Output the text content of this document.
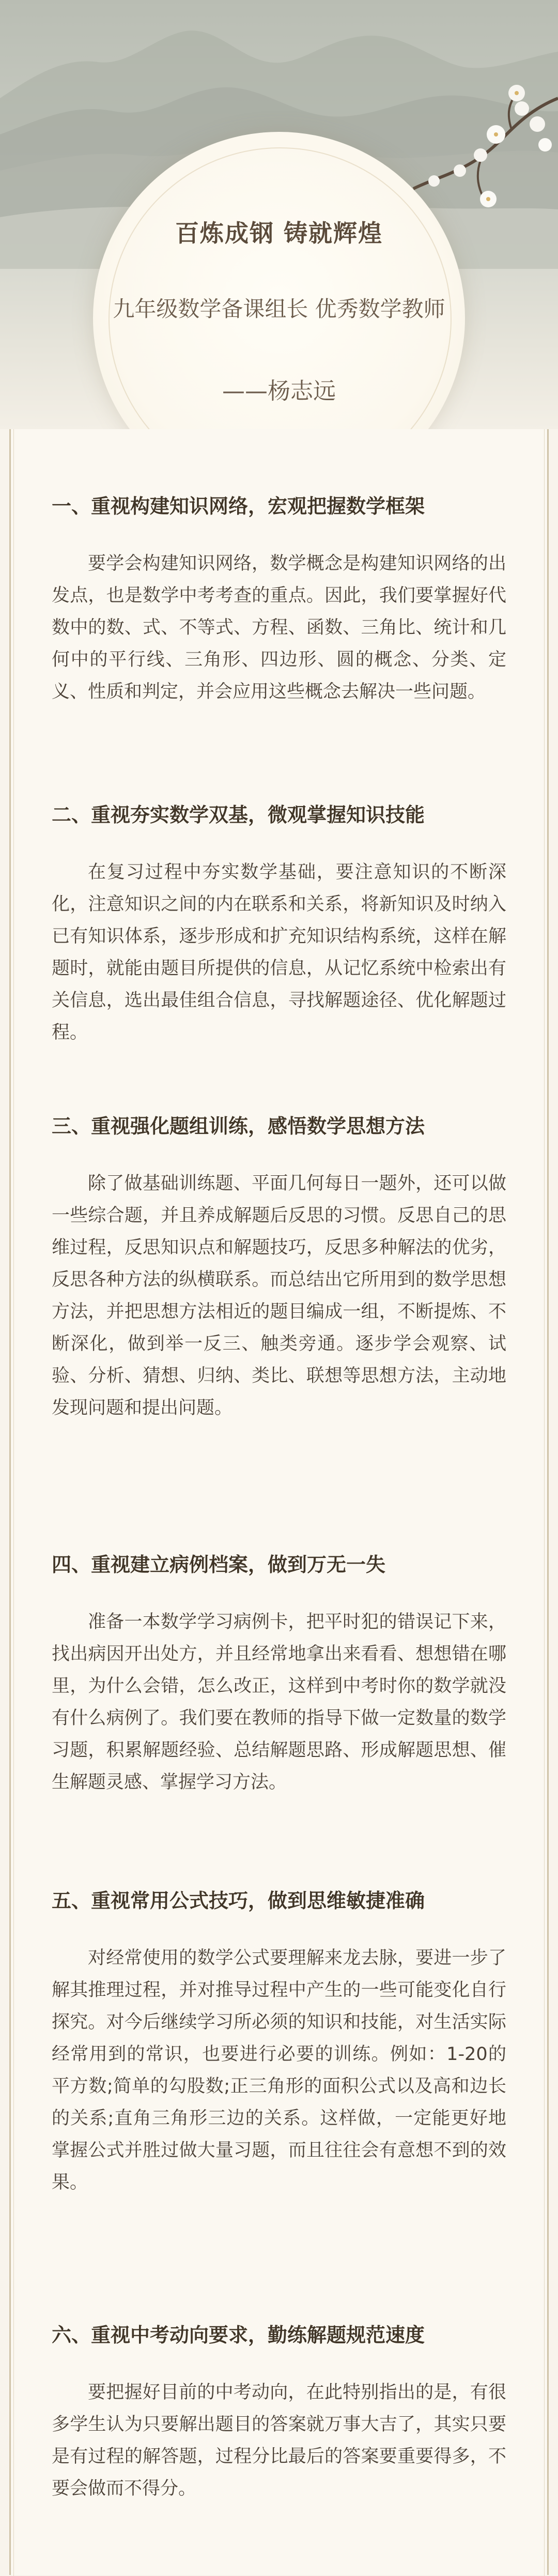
百炼成钢 铸就辉煌
九年级数学备课组长 优秀数学教师
——杨志远
一、重视构建知识网络，宏观把握数学框架

要学会构建知识网络，数学概念是构建知识网络的出发点，也是数学中考考查的重点。因此，我们要掌握好代数中的数、式、不等式、方程、函数、三角比、统计和几何中的平行线、三角形、四边形、圆的概念、分类、定义、性质和判定，并会应用这些概念去解决一些问题。

二、重视夯实数学双基，微观掌握知识技能

在复习过程中夯实数学基础，要注意知识的不断深化，注意知识之间的内在联系和关系，将新知识及时纳入已有知识体系，逐步形成和扩充知识结构系统，这样在解题时，就能由题目所提供的信息，从记忆系统中检索出有关信息，选出最佳组合信息，寻找解题途径、优化解题过程。

三、重视强化题组训练，感悟数学思想方法

除了做基础训练题、平面几何每日一题外，还可以做一些综合题，并且养成解题后反思的习惯。反思自己的思维过程，反思知识点和解题技巧，反思多种解法的优劣，反思各种方法的纵横联系。而总结出它所用到的数学思想方法，并把思想方法相近的题目编成一组，不断提炼、不断深化，做到举一反三、触类旁通。逐步学会观察、试验、分析、猜想、归纳、类比、联想等思想方法，主动地发现问题和提出问题。

四、重视建立病例档案，做到万无一失

准备一本数学学习病例卡，把平时犯的错误记下来，找出病因开出处方，并且经常地拿出来看看、想想错在哪里，为什么会错，怎么改正，这样到中考时你的数学就没有什么病例了。我们要在教师的指导下做一定数量的数学习题，积累解题经验、总结解题思路、形成解题思想、催生解题灵感、掌握学习方法。

五、重视常用公式技巧，做到思维敏捷准确

对经常使用的数学公式要理解来龙去脉，要进一步了解其推理过程，并对推导过程中产生的一些可能变化自行探究。对今后继续学习所必须的知识和技能，对生活实际经常用到的常识，也要进行必要的训练。例如：1-20的平方数;简单的勾股数;正三角形的面积公式以及高和边长的关系;直角三角形三边的关系。这样做，一定能更好地掌握公式并胜过做大量习题，而且往往会有意想不到的效果。

六、重视中考动向要求，勤练解题规范速度

要把握好目前的中考动向，在此特别指出的是，有很多学生认为只要解出题目的答案就万事大吉了，其实只要是有过程的解答题，过程分比最后的答案要重要得多，不要会做而不得分。
